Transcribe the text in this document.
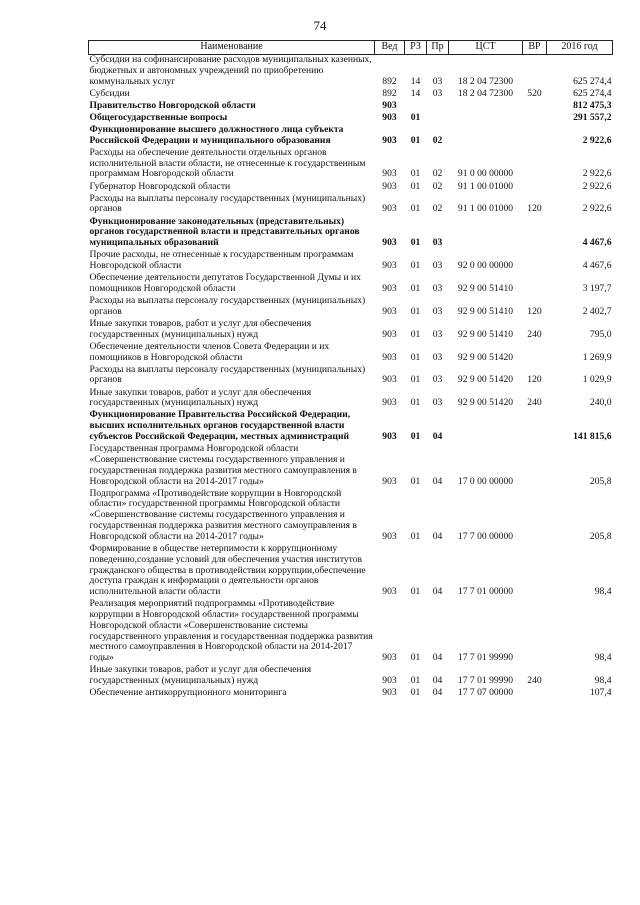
74
Наименование	Вед	РЗ	Пр	ЦСТ	ВР	2016 год
Субсидии на софинансирование расходов муниципальных казенных, бюджетных и автономных учреждений по приобретению коммунальных услуг	892	14	03	18 2 04 72300		625 274,4
Субсидии	892	14	03	18 2 04 72300	520	625 274,4
Правительство Новгородской области	903					812 475,3
Общегосударственные вопросы	903	01				291 557,2
Функционирование высшего должностного лица субъекта Российской Федерации и муниципального образования	903	01	02			2 922,6
Расходы на обеспечение деятельности отдельных органов исполнительной власти области, не отнесенные к государственным программам Новгородской области	903	01	02	91 0 00 00000		2 922,6
Губернатор Новгородской области	903	01	02	91 1 00 01000		2 922,6
Расходы на выплаты персоналу государственных (муниципальных) органов	903	01	02	91 1 00 01000	120	2 922,6
Функционирование законодательных (представительных) органов государственной власти и представительных органов муниципальных образований	903	01	03			4 467,6
Прочие расходы, не отнесенные к государственным программам Новгородской области	903	01	03	92 0 00 00000		4 467,6
Обеспечение деятельности депутатов Государственной Думы и их помощников Новгородской области	903	01	03	92 9 00 51410		3 197,7
Расходы на выплаты персоналу государственных (муниципальных) органов	903	01	03	92 9 00 51410	120	2 402,7
Иные закупки товаров, работ и услуг для обеспечения государственных (муниципальных) нужд	903	01	03	92 9 00 51410	240	795,0
Обеспечение деятельности членов Совета Федерации и их помощников в Новгородской области	903	01	03	92 9 00 51420		1 269,9
Расходы на выплаты персоналу государственных (муниципальных) органов	903	01	03	92 9 00 51420	120	1 029,9
Иные закупки товаров, работ и услуг для обеспечения государственных (муниципальных) нужд	903	01	03	92 9 00 51420	240	240,0
Функционирование Правительства Российской Федерации, высших исполнительных органов государственной власти субъектов Российской Федерации, местных администраций	903	01	04			141 815,6
Государственная программа Новгородской области «Совершенствование системы государственного управления и государственная поддержка развития местного самоуправления в Новгородской области на 2014-2017 годы»	903	01	04	17 0 00 00000		205,8
Подпрограмма «Противодействие коррупции в Новгородской области» государственной программы Новгородской области «Совершенствование системы государственного управления и государственная поддержка развития местного самоуправления в Новгородской области на 2014-2017 годы»	903	01	04	17 7 00 00000		205,8
Формирование в обществе нетерпимости к коррупционному поведению,создание условий для обеспечения участия институтов гражданского общества в противодействии коррупции,обеспечение доступа граждан к информации о деятельности органов исполнительной власти области	903	01	04	17 7 01 00000		98,4
Реализация мероприятий подпрограммы «Противодействие коррупции в Новгородской области» государственной программы Новгородской области «Совершенствование системы государственного управления и государственная поддержка развития местного самоуправления в Новгородской области на 2014-2017 годы»	903	01	04	17 7 01 99990		98,4
Иные закупки товаров, работ и услуг для обеспечения государственных (муниципальных) нужд	903	01	04	17 7 01 99990	240	98,4
Обеспечение антикоррупционного мониторинга	903	01	04	17 7 07 00000		107,4
